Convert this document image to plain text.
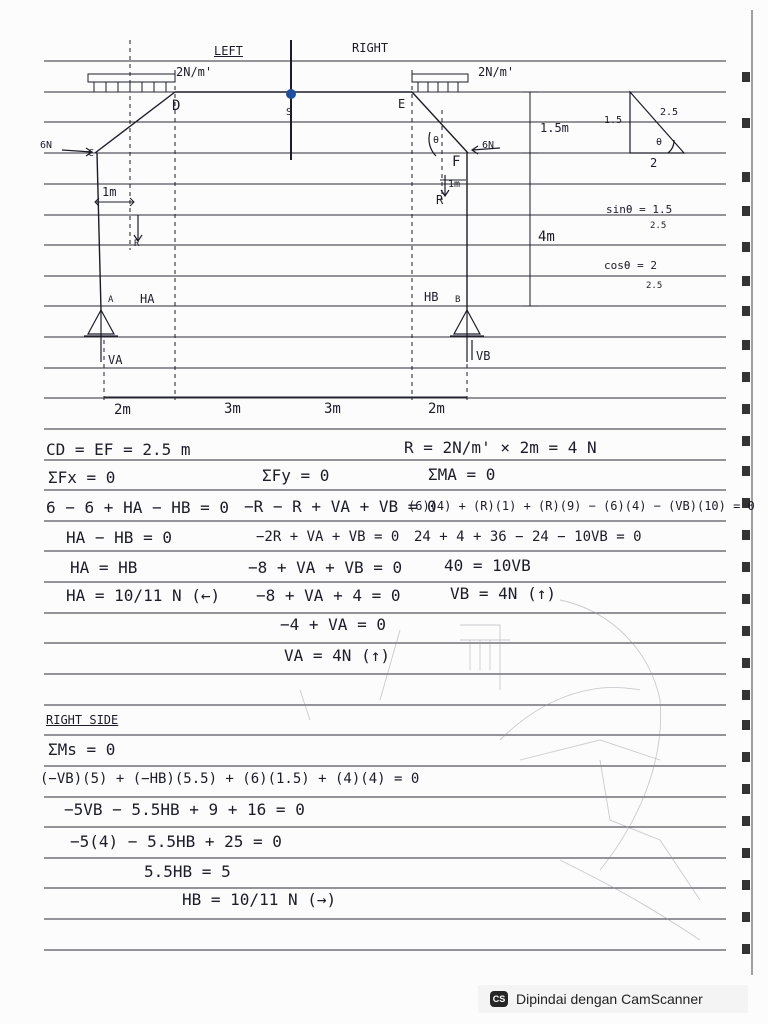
LEFT	RIGHT
2N/m'	2N/m'
D	E
C
F
S
6N	6N
1m
R
1m
R
θ
1.5m
4m
HA
A
VA
HB B
VB
2m	3m	3m	2m
1.5
2.5
2
θ
sinθ = 1.5
2.5
cosθ = 2
2.5
CD = EF = 2.5 m	R = 2N/m' × 2m = 4 N
ΣFx = 0	ΣFy = 0	ΣMA = 0
6 − 6 + HA − HB = 0
HA − HB = 0
HA = HB
HA = 10/11 N (←)
−R − R + VA + VB = 0
−2R + VA + VB = 0
−8 + VA + VB = 0
−8 + VA + 4 = 0
−4 + VA = 0
VA = 4N (↑)
(6)(4) + (R)(1) + (R)(9) − (6)(4) − (VB)(10) = 0
24 + 4 + 36 − 24 − 10VB = 0
40 = 10VB
VB = 4N (↑)
RIGHT SIDE
ΣMs = 0
(−VB)(5) + (−HB)(5.5) + (6)(1.5) + (4)(4) = 0
−5VB − 5.5HB + 9 + 16 = 0
−5(4) − 5.5HB + 25 = 0
5.5HB = 5
HB = 10/11 N (→)
CS Dipindai dengan CamScanner
